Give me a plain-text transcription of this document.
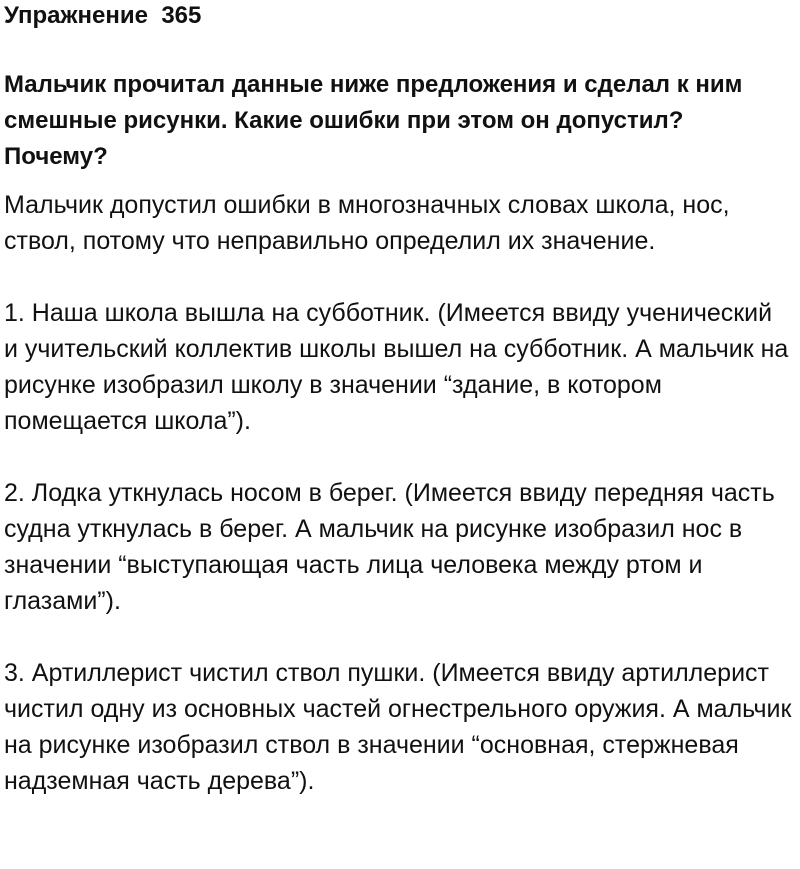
Упражнение  365

Мальчик прочитал данные ниже предложения и сделал к ним смешные рисунки. Какие ошибки при этом он допустил? Почему?

Мальчик допустил ошибки в многозначных словах школа, нос, ствол, потому что неправильно определил их значение.

1. Наша школа вышла на субботник. (Имеется ввиду ученический и учительский коллектив школы вышел на субботник. А мальчик на рисунке изобразил школу в значении “здание, в котором помещается школа”).

2. Лодка уткнулась носом в берег. (Имеется ввиду передняя часть судна уткнулась в берег. А мальчик на рисунке изобразил нос в значении “выступающая часть лица человека между ртом и глазами”).

3. Артиллерист чистил ствол пушки. (Имеется ввиду артиллерист чистил одну из основных частей огнестрельного оружия. А мальчик на рисунке изобразил ствол в значении “основная, стержневая надземная часть дерева”).
